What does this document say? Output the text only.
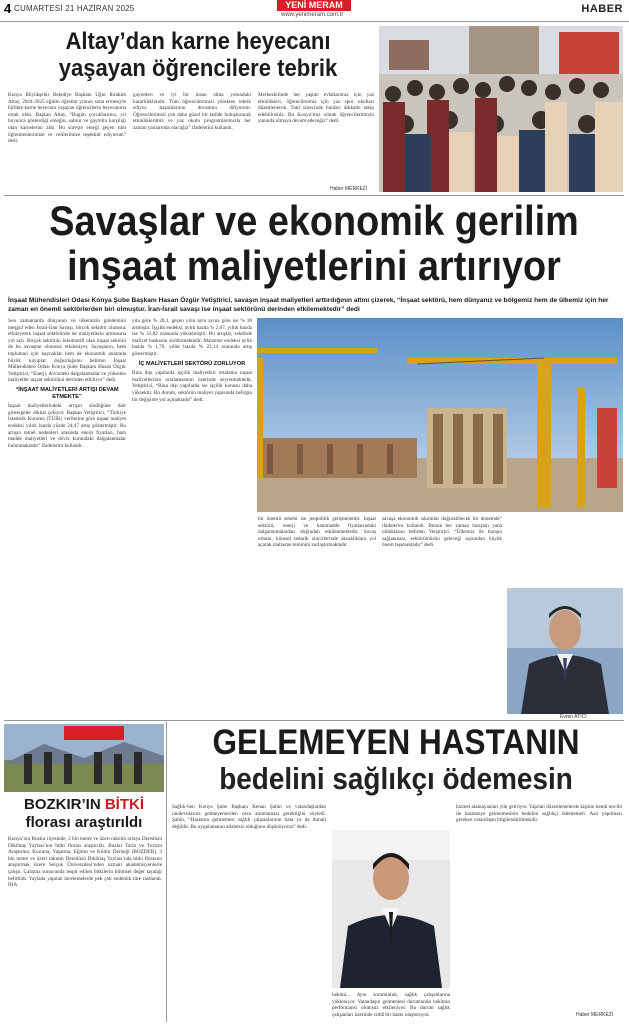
4 CUMARTESİ 21 HAZİRAN 2025	YENİ MERAM
www.yenimeram.com.tr	HABER
Altay’dan karne heyecanı
yaşayan öğrencilere tebrik
Konya Büyükşehir Belediye Başkanı Uğur İbrahim Altay, 2024-2025 eğitim öğretim yılının sona ermesiyle birlikte karne heyecanı yaşayan öğrencilerin heyecanına ortak oldu. Başkan Altay, “Bugün çocuklarımız, yıl boyunca gösterdiği emeğin, sabrın ve gayretin karşılığı olan karnelerini aldı. Bu süreçte emeği geçen tüm öğretmenlerimize ve velilerimize teşekkür ediyorum” dedi.
gayretleri ve iyi bir insan olma yolundaki kararlılıklarıdır. Tüm öğrencilerimizi yürekten tebrik ediyor, başarılarının devamını diliyorum. Öğrencilerimizi çok daha güzel bir tatilde buluşturacak etkinliklerimiz ve yaz okulu programlarımızla her zaman yanlarında olacağız” ifadelerini kullandı.
Merkezlerinde her yaştan evlatlarımız için yaz etkinlikleri, öğrencilerimiz için yaz spor okulları düzenlenecek. Tatil sürecinde bunları dikkatle takip edebilirsiniz. Bu Konya’mız olarak öğrencilerimizin yanında olmaya devam edeceğiz” dedi.
Haber MERKEZİ
Savaşlar ve ekonomik gerilim
inşaat maliyetlerini artırıyor
İnşaat Mühendisleri Odası Konya Şube Başkanı Hasan Özgür Yetiştirici, savaşın inşaat maliyetleri arttırdığının altını çizerek, “İnşaat sektörü, hem dünyanız ve bölgemiz hem de ülkemiz için her zaman en önemli sektörlerden biri olmuştur. İran-İsrail savaşı ise inşaat sektörünü derinden etkilemektedir” dedi
Son zamanlarda dünyanın ve ülkemizin gündemini meşgul eden İsrail-İran Savaşı, birçok sektörü olumsuz etkileyerek inşaat sektöründe de maliyetlerin artmasına yol açtı. Birçok sektörün lokomotifi olan inşaat sektörü de bu savaştan olumsuz etkileniyor. Savaşların, hem toplumun için kaynaklar hem de ekonomik anlamda büyük kayıplar doğurduğunu belirten İnşaat Mühendisleri Odası Konya Şube Başkanı Hasan Özgür Yetiştirici, “Enerji, dövizdeki dalgalanmalar ve yükselen maliyetler inşaat sektörünü derinden etkiliyor” dedi.
“İNŞAAT MALİYETLERİ ARTIŞI DEVAM ETMEKTE”
İnşaat maliyetlerindeki artışın sürdüğüne dair göstergeler dikkat çekiyor. Başkan Yetiştirici, “Türkiye İstatistik Kurumu (TÜİK) verilerine göre inşaat maliyet endeksi yıllık bazda yüzde 24,47 artış göstermiştir. Bu artışın temel nedenleri arasında enerji fiyatları, ham madde maliyetleri ve döviz kurundaki dalgalanmalar bulunmaktadır” ifadelerini kullandı.
yıla göre % 20,1, geçen yılın aynı ayına göre ise % 18 artmıştır. İşçilik endeksi, aylık bazda % 2,07, yıllık bazda ise % 31,82 oranında yükselmiştir. Bu artışlar, sektörde maliyet baskısını sürdürmektedir. Malzeme endeksi aylık bazda % 1,76, yıllık bazda % 23,14 oranında artış göstermiştir.
İÇ MALİYETLERİ SEKTÖRÜ ZORLUYOR
Bina dışı yapılarda işçilik maliyetleri ortalama inşaat maliyetlerinin ortalamasının üzerinde seyretmektedir. Yetiştirici, “Bina dışı yapılarda ise işçilik konusu daha yüksektir. Bu durum, sektörün maliyet yapısında belirgin bir değişime yol açmaktadır” dedi.
bir önemli sebebi ise jeopolitik gelişmelerdir. İnşaat sektörü, enerji ve hammadde fiyatlarındaki dalgalanmalardan doğrudan etkilenmektedir. Savaş ortamı, küresel tedarik zincirlerinde aksaklıklara yol açarak malzeme teminini zorlaştırmaktadır.
savaşa ekonomik sıkıntılar doğurabilecek bir donemde” ifadelerini kullandı. Bunun her zaman barıştan yana olduklarını belirten Yetiştirici, “Ülkemiz ile barışın sağlanması, sektörümüzün geleceği açısından büyük önem taşımaktadır” dedi.
Evren ATICI
BOZKIR’IN BİTKİ
florası araştırıldı
Konya’nın Bozkır ilçesinde, 2 bin metre ve üzeri rakımlı ortaya Deredüzü Dikilitaş Yaylası’nın bitki florası araştırıldı. Bozkır Tarih ve Turizm Araştırma, Koruma, Yaşatma, Eğitim ve Kültür Derneği (BOZDER), 3 bin metre ve üzeri rakımlı Deredüzü Dikilitaş Yaylası’nda bitki florasını araştırmak üzere Selçuk Üniversitesi’nden uzman akademisyenlerle çalıştı. Çalışma sonucunda tespit edilen bitkilerin bilimsel değer taşıdığı belirtildi. Yaylada yapılan incelemelerde pek çok endemik türe rastlandı. İHA
GELEMEYEN HASTANIN
bedelini sağlıkçı ödemesin
Sağlık-Sen Konya Şube Başkanı Kenan Şahin ve vatandaşlardan randevularına gelmeyenlerden ceza alınmaması gerektiğini söyledi. Şahin, “Hastanın gelmemesi sağlık çalışanlarının hata ya da ihmali değildir. Bu uygulamanın adaletsiz olduğunu düşünüyoruz” dedi.
hekimi... Aynı sorumluluk, sağlık çalışanlarına yükleniyor. Vatandaşın gelmemesi durumunda hekimin performansı olumsuz etkileniyor. Bu durum sağlık çalışanları üzerinde ciddi bir baskı oluşturuyor.
hizmet alamayanları yük getiriyor. Yapılan düzenlemelerde kişinin kendi tercihi ile hastaneye gelmemesinin bedelini sağlıkçı ödememeli. Asıl yapılması gereken vatandaşın bilgilendirilmesidir.
Haber MERKEZİ
